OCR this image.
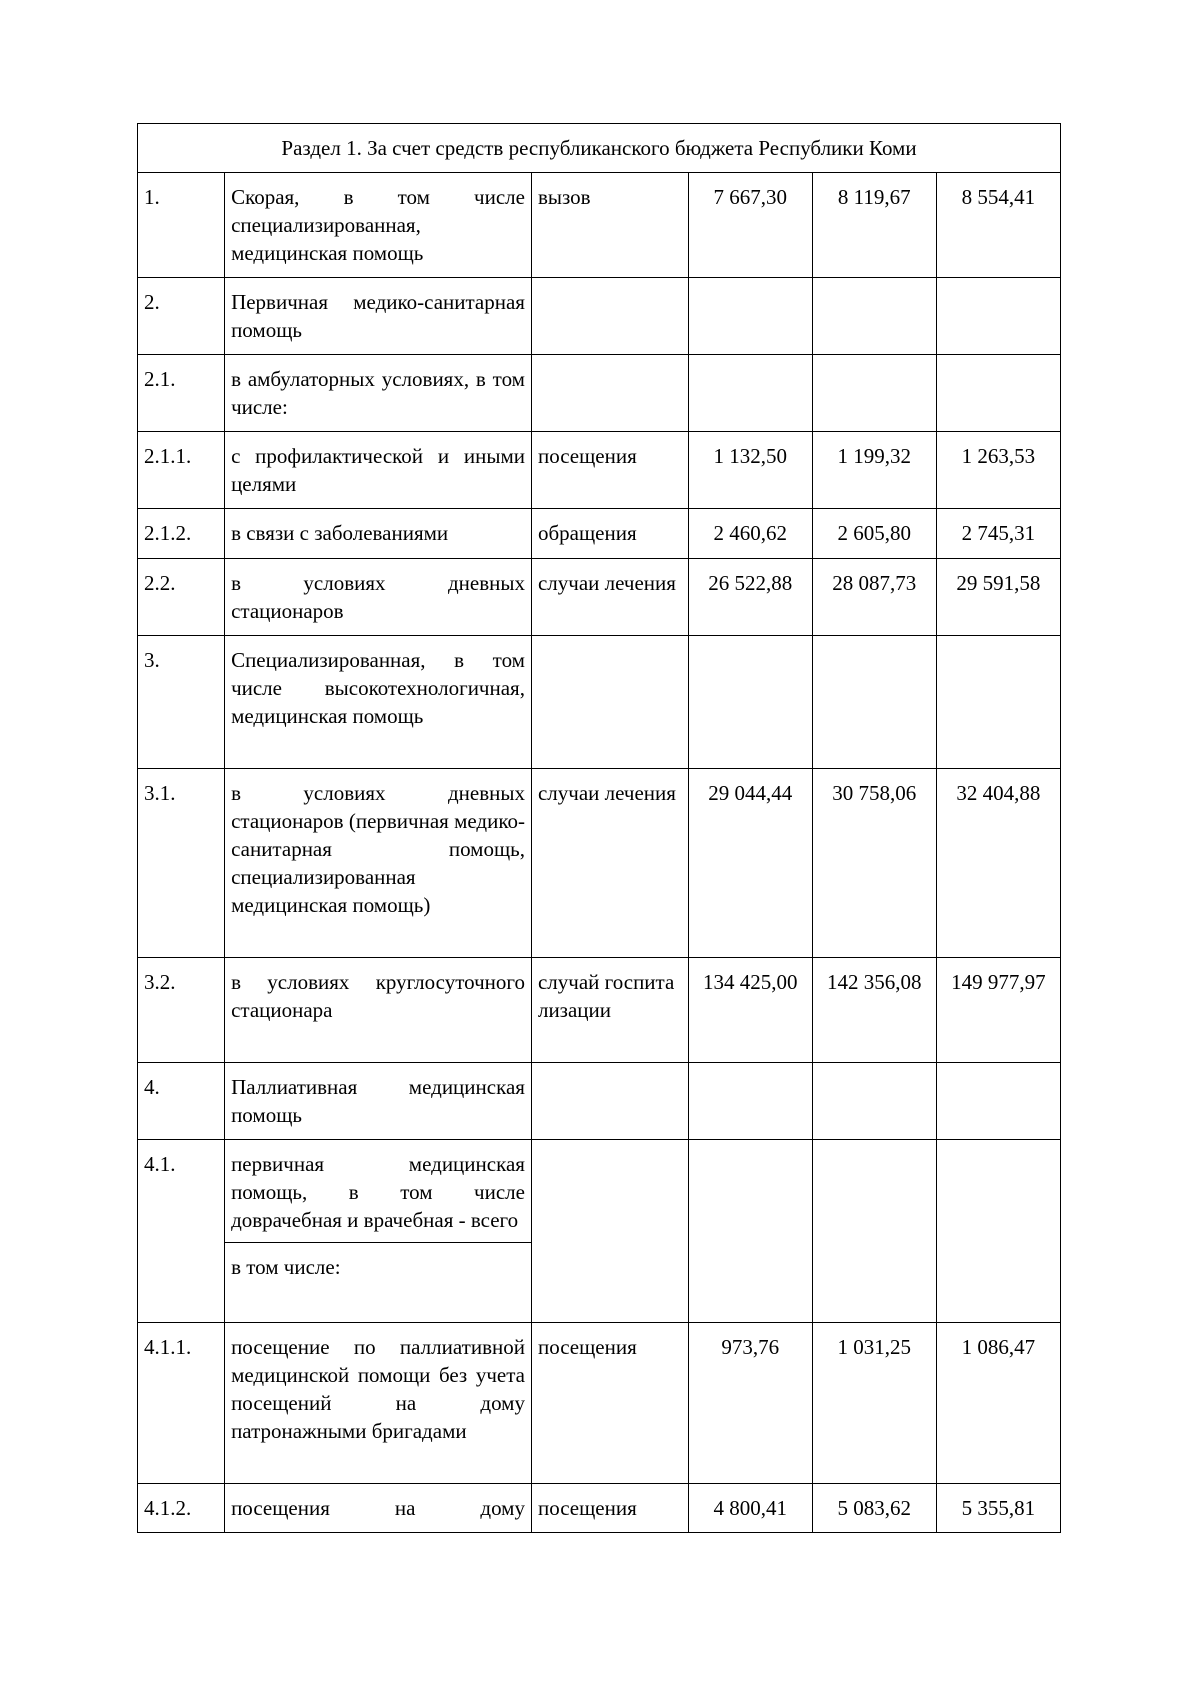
Раздел 1. За счет средств республиканского бюджета Республики Коми					
1.	Скорая, в том числе специализированная, медицинская помощь	вызов	7 667,30	8 119,67	8 554,41
2.	Первичная медико-санитарная помощь				
2.1.	в амбулаторных условиях, в том числе:				
2.1.1.	с профилактической и иными целями	посещения	1 132,50	1 199,32	1 263,53
2.1.2.	в связи с заболеваниями	обращения	2 460,62	2 605,80	2 745,31
2.2.	в условиях дневных стационаров	случаи лечения	26 522,88	28 087,73	29 591,58
3.	Специализированная, в том числе высокотехнологичная, медицинская помощь				
3.1.	в условиях дневных стационаров (первичная медико-санитарная помощь, специализированная медицинская помощь)	случаи лечения	29 044,44	30 758,06	32 404,88
3.2.	в условиях круглосуточного стационара	случай госпитализации	134 425,00	142 356,08	149 977,97
4.	Паллиативная медицинская помощь				
4.1.	первичная медицинская помощь, в том числе доврачебная и врачебная - всего
в том числе:				

4.1.1.	посещение по паллиативной медицинской помощи без учета посещений на дому патронажными бригадами	посещения	973,76	1 031,25	1 086,47
4.1.2.	посещения на дому	посещения	4 800,41	5 083,62	5 355,81
